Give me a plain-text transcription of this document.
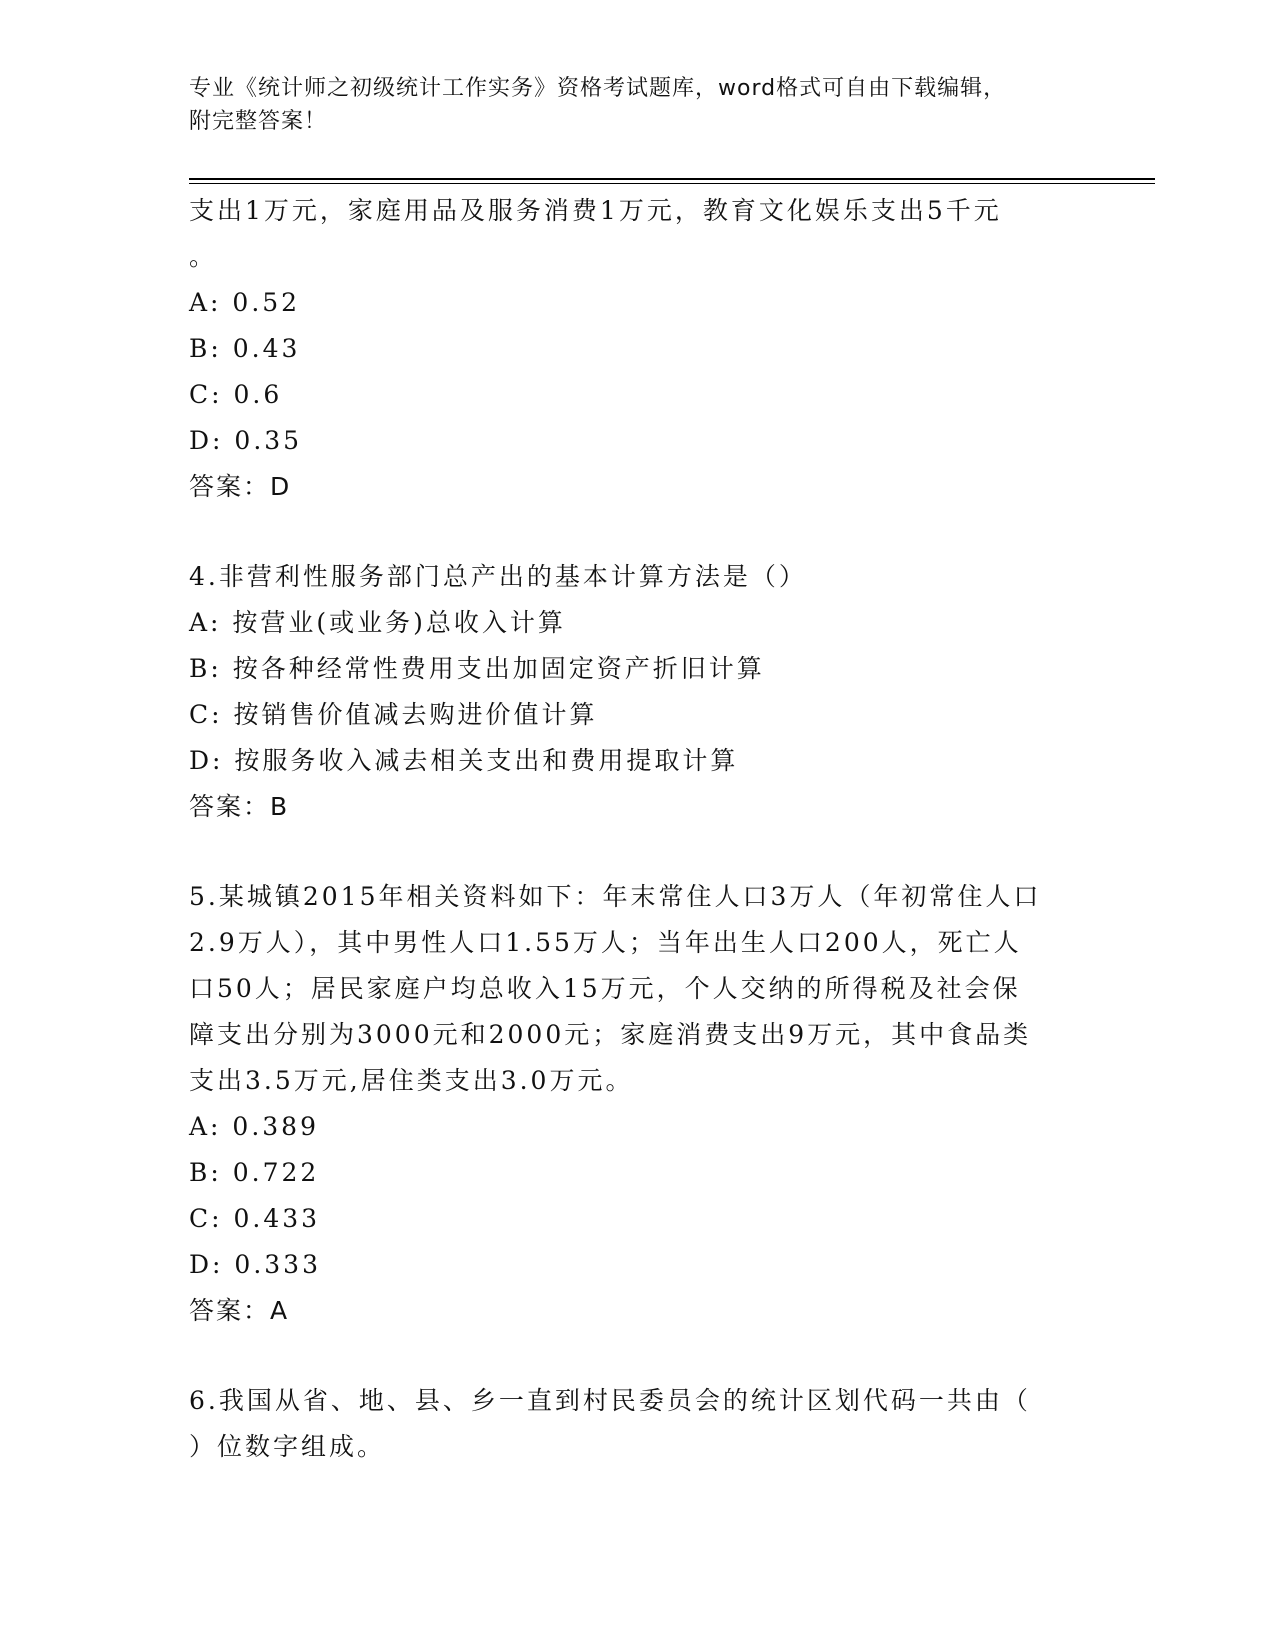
专业《统计师之初级统计工作实务》资格考试题库，word格式可自由下载编辑，
附完整答案！
支出1万元，家庭用品及服务消费1万元，教育文化娱乐支出5千元
。
A: 0.52
B: 0.43
C: 0.6
D: 0.35
答案：D
4.非营利性服务部门总产出的基本计算方法是（）
A: 按营业(或业务)总收入计算
B: 按各种经常性费用支出加固定资产折旧计算
C: 按销售价值减去购进价值计算
D: 按服务收入减去相关支出和费用提取计算
答案：B
5.某城镇2015年相关资料如下：年末常住人口3万人（年初常住人口
2.9万人），其中男性人口1.55万人；当年出生人口200人，死亡人
口50人；居民家庭户均总收入15万元，个人交纳的所得税及社会保
障支出分别为3000元和2000元；家庭消费支出9万元，其中食品类
支出3.5万元,居住类支出3.0万元。
A: 0.389
B: 0.722
C: 0.433
D: 0.333
答案：A
6.我国从省、地、县、乡一直到村民委员会的统计区划代码一共由（
）位数字组成。
